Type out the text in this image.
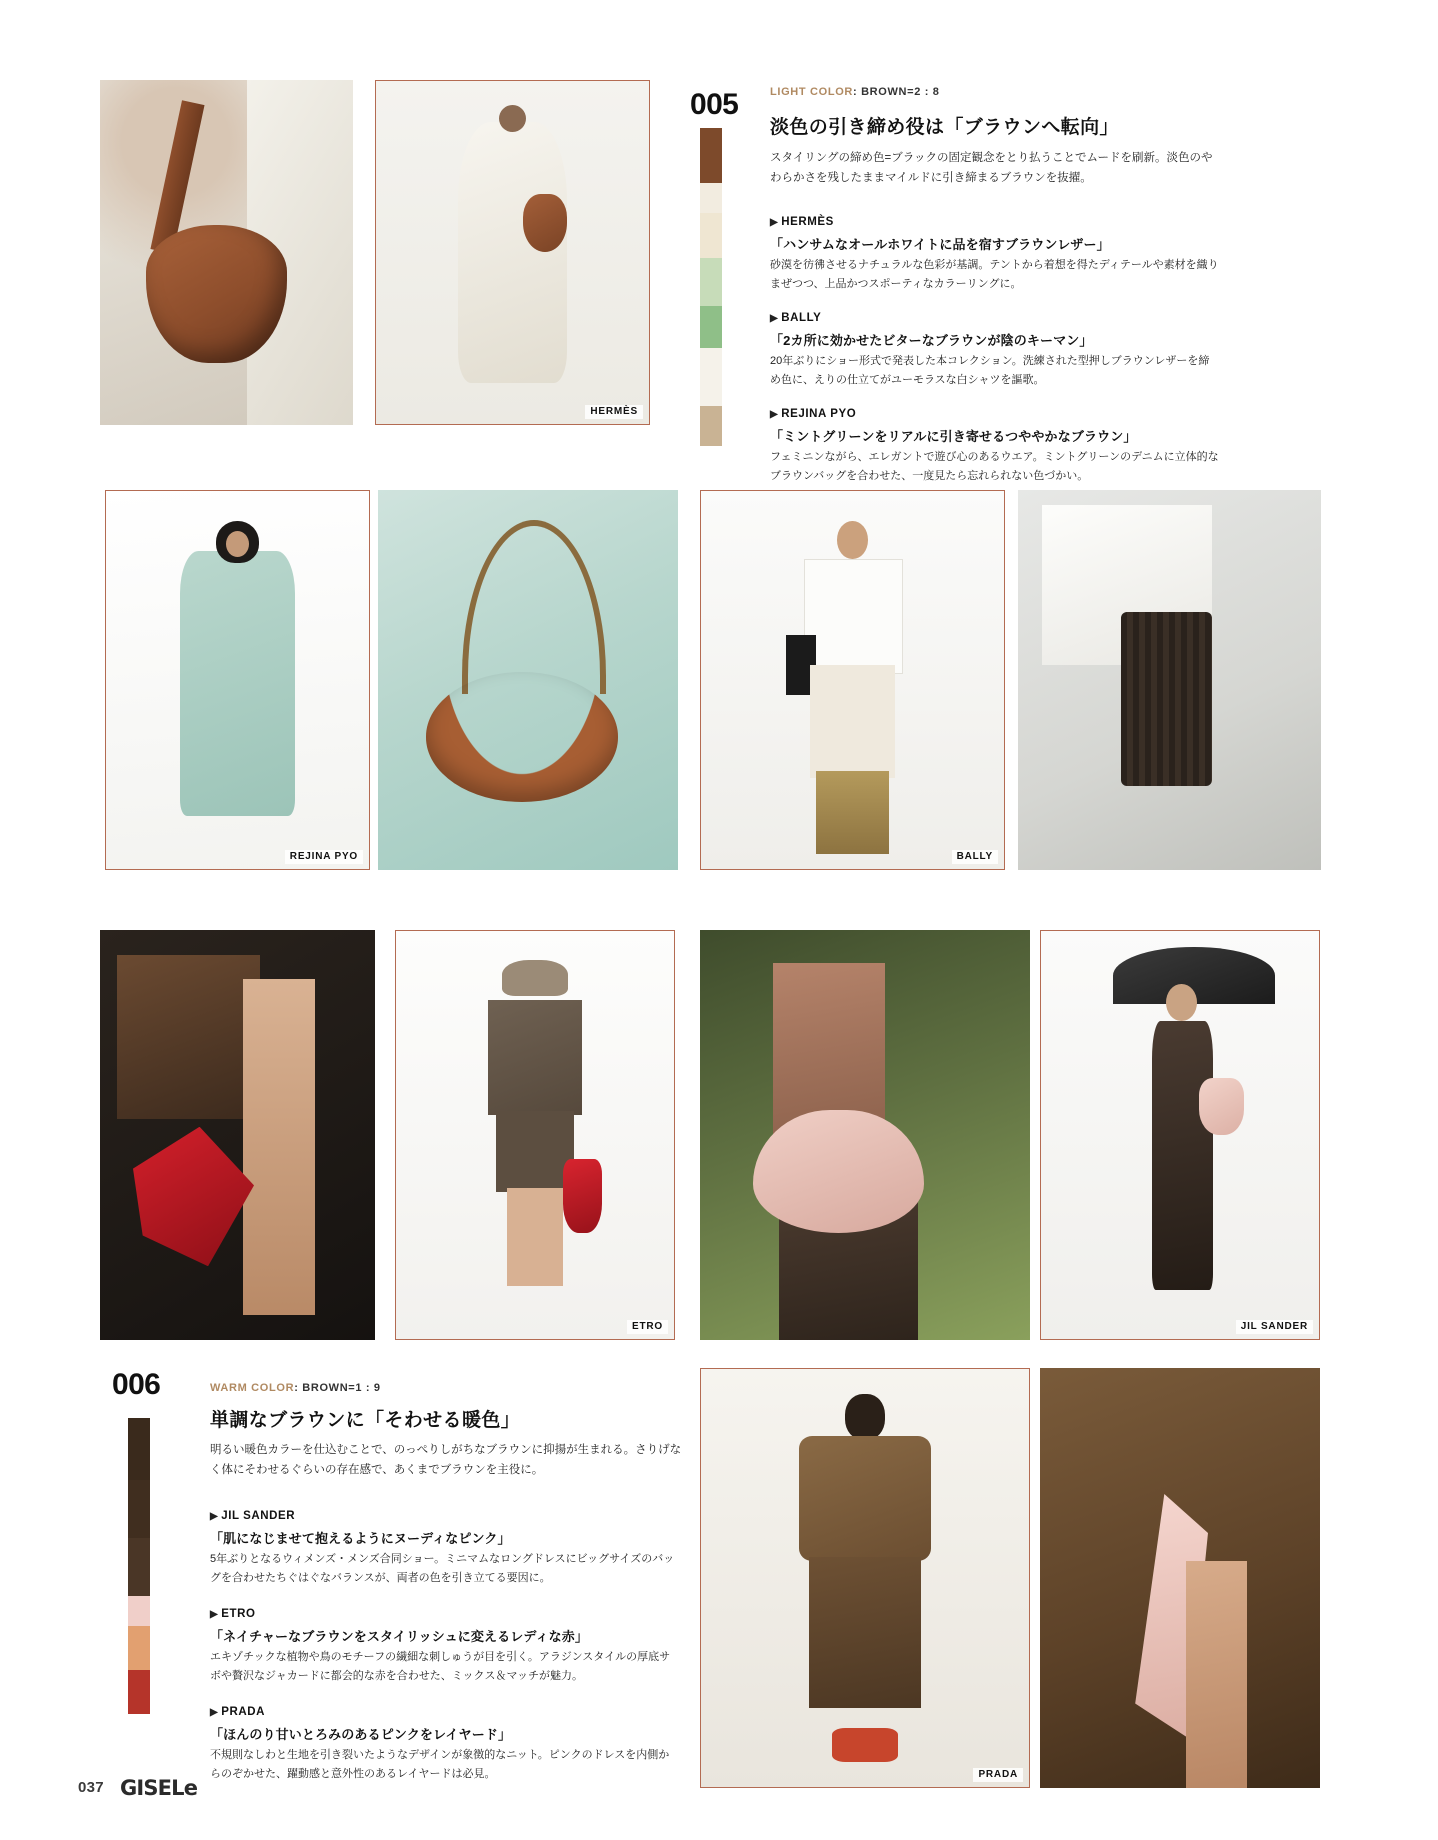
HERMÈS
005	LIGHT COLOR: BROWN=2 : 8
淡色の引き締め役は「ブラウンへ転向」
スタイリングの締め色=ブラックの固定観念をとり払うことでムードを刷新。淡色のやわらかさを残したままマイルドに引き締まるブラウンを抜擢。
▶ HERMÈS
「ハンサムなオールホワイトに品を宿すブラウンレザー」
砂漠を彷彿させるナチュラルな色彩が基調。テントから着想を得たディテールや素材を織りまぜつつ、上品かつスポーティなカラーリングに。
▶ BALLY
「2カ所に効かせたビターなブラウンが陰のキーマン」
20年ぶりにショー形式で発表した本コレクション。洗練された型押しブラウンレザーを締め色に、えりの仕立てがユーモラスな白シャツを謳歌。
▶ REJINA PYO
「ミントグリーンをリアルに引き寄せるつややかなブラウン」
フェミニンながら、エレガントで遊び心のあるウエア。ミントグリーンのデニムに立体的なブラウンバッグを合わせた、一度見たら忘れられない色づかい。
REJINA PYO	BALLY
ETRO	JIL SANDER
006	WARM COLOR: BROWN=1 : 9
単調なブラウンに「そわせる暖色」
明るい暖色カラーを仕込むことで、のっぺりしがちなブラウンに抑揚が生まれる。さりげなく体にそわせるぐらいの存在感で、あくまでブラウンを主役に。
▶ JIL SANDER
「肌になじませて抱えるようにヌーディなピンク」
5年ぶりとなるウィメンズ・メンズ合同ショー。ミニマムなロングドレスにビッグサイズのバッグを合わせたちぐはぐなバランスが、両者の色を引き立てる要因に。
▶ ETRO
「ネイチャーなブラウンをスタイリッシュに変えるレディな赤」
エキゾチックな植物や鳥のモチーフの繊細な刺しゅうが目を引く。アラジンスタイルの厚底サボや贅沢なジャカードに都会的な赤を合わせた、ミックス＆マッチが魅力。
▶ PRADA
「ほんのり甘いとろみのあるピンクをレイヤード」
不規則なしわと生地を引き裂いたようなデザインが象徴的なニット。ピンクのドレスを内側からのぞかせた、躍動感と意外性のあるレイヤードは必見。	PRADA
037 GISELe
